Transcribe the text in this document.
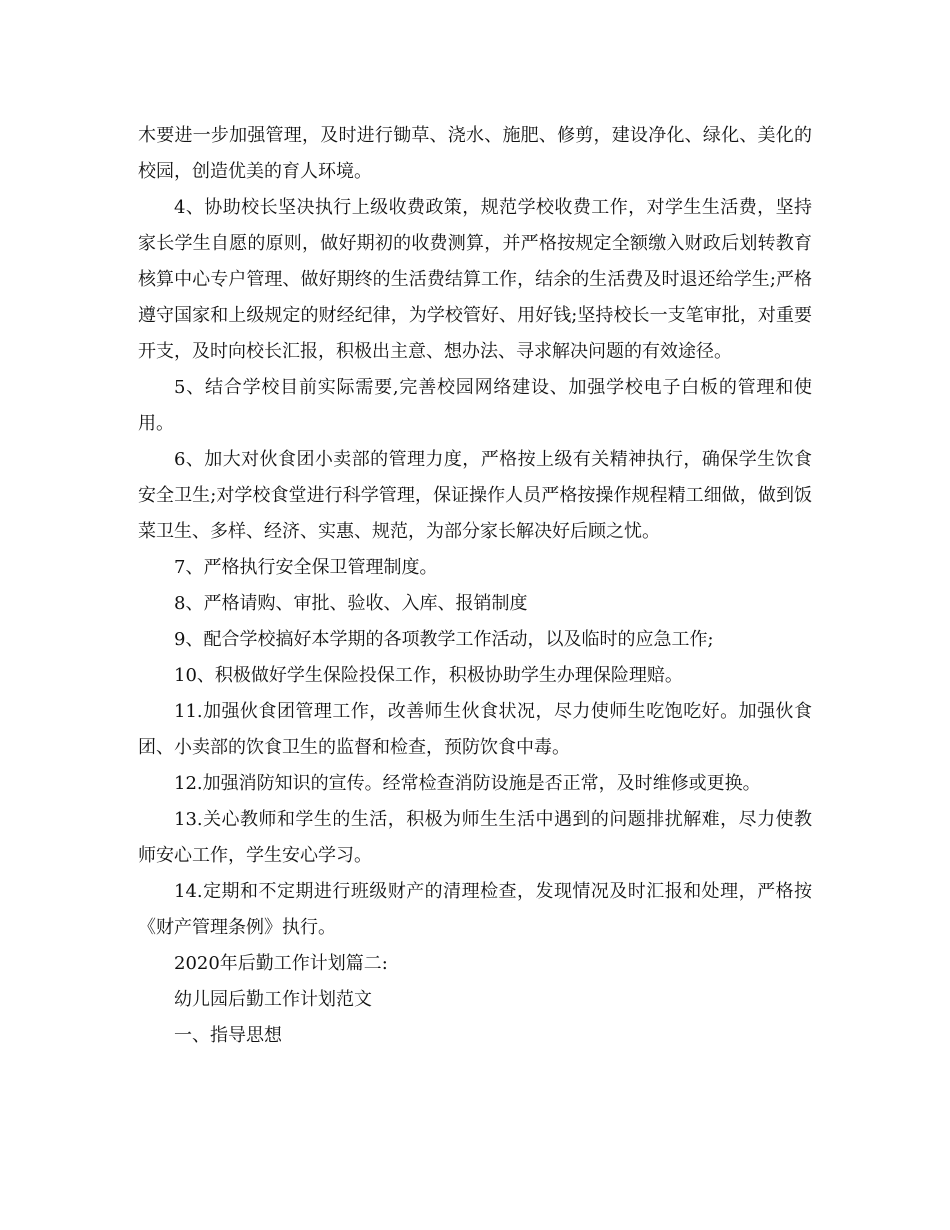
木要进一步加强管理，及时进行锄草、浇水、施肥、修剪，建设净化、绿化、美化的校园，创造优美的育人环境。

4、协助校长坚决执行上级收费政策，规范学校收费工作，对学生生活费，坚持家长学生自愿的原则，做好期初的收费测算，并严格按规定全额缴入财政后划转教育核算中心专户管理、做好期终的生活费结算工作，结余的生活费及时退还给学生;严格遵守国家和上级规定的财经纪律，为学校管好、用好钱;坚持校长一支笔审批，对重要开支，及时向校长汇报，积极出主意、想办法、寻求解决问题的有效途径。

5、结合学校目前实际需要,完善校园网络建设、加强学校电子白板的管理和使用。

6、加大对伙食团小卖部的管理力度，严格按上级有关精神执行，确保学生饮食安全卫生;对学校食堂进行科学管理，保证操作人员严格按操作规程精工细做，做到饭菜卫生、多样、经济、实惠、规范，为部分家长解决好后顾之忧。

7、严格执行安全保卫管理制度。

8、严格请购、审批、验收、入库、报销制度

9、配合学校搞好本学期的各项教学工作活动，以及临时的应急工作;

10、积极做好学生保险投保工作，积极协助学生办理保险理赔。

11.加强伙食团管理工作，改善师生伙食状况，尽力使师生吃饱吃好。加强伙食团、小卖部的饮食卫生的监督和检查，预防饮食中毒。

12.加强消防知识的宣传。经常检查消防设施是否正常，及时维修或更换。

13.关心教师和学生的生活，积极为师生生活中遇到的问题排扰解难，尽力使教师安心工作，学生安心学习。

14.定期和不定期进行班级财产的清理检查，发现情况及时汇报和处理，严格按《财产管理条例》执行。

2020年后勤工作计划篇二:

幼儿园后勤工作计划范文

一、指导思想
